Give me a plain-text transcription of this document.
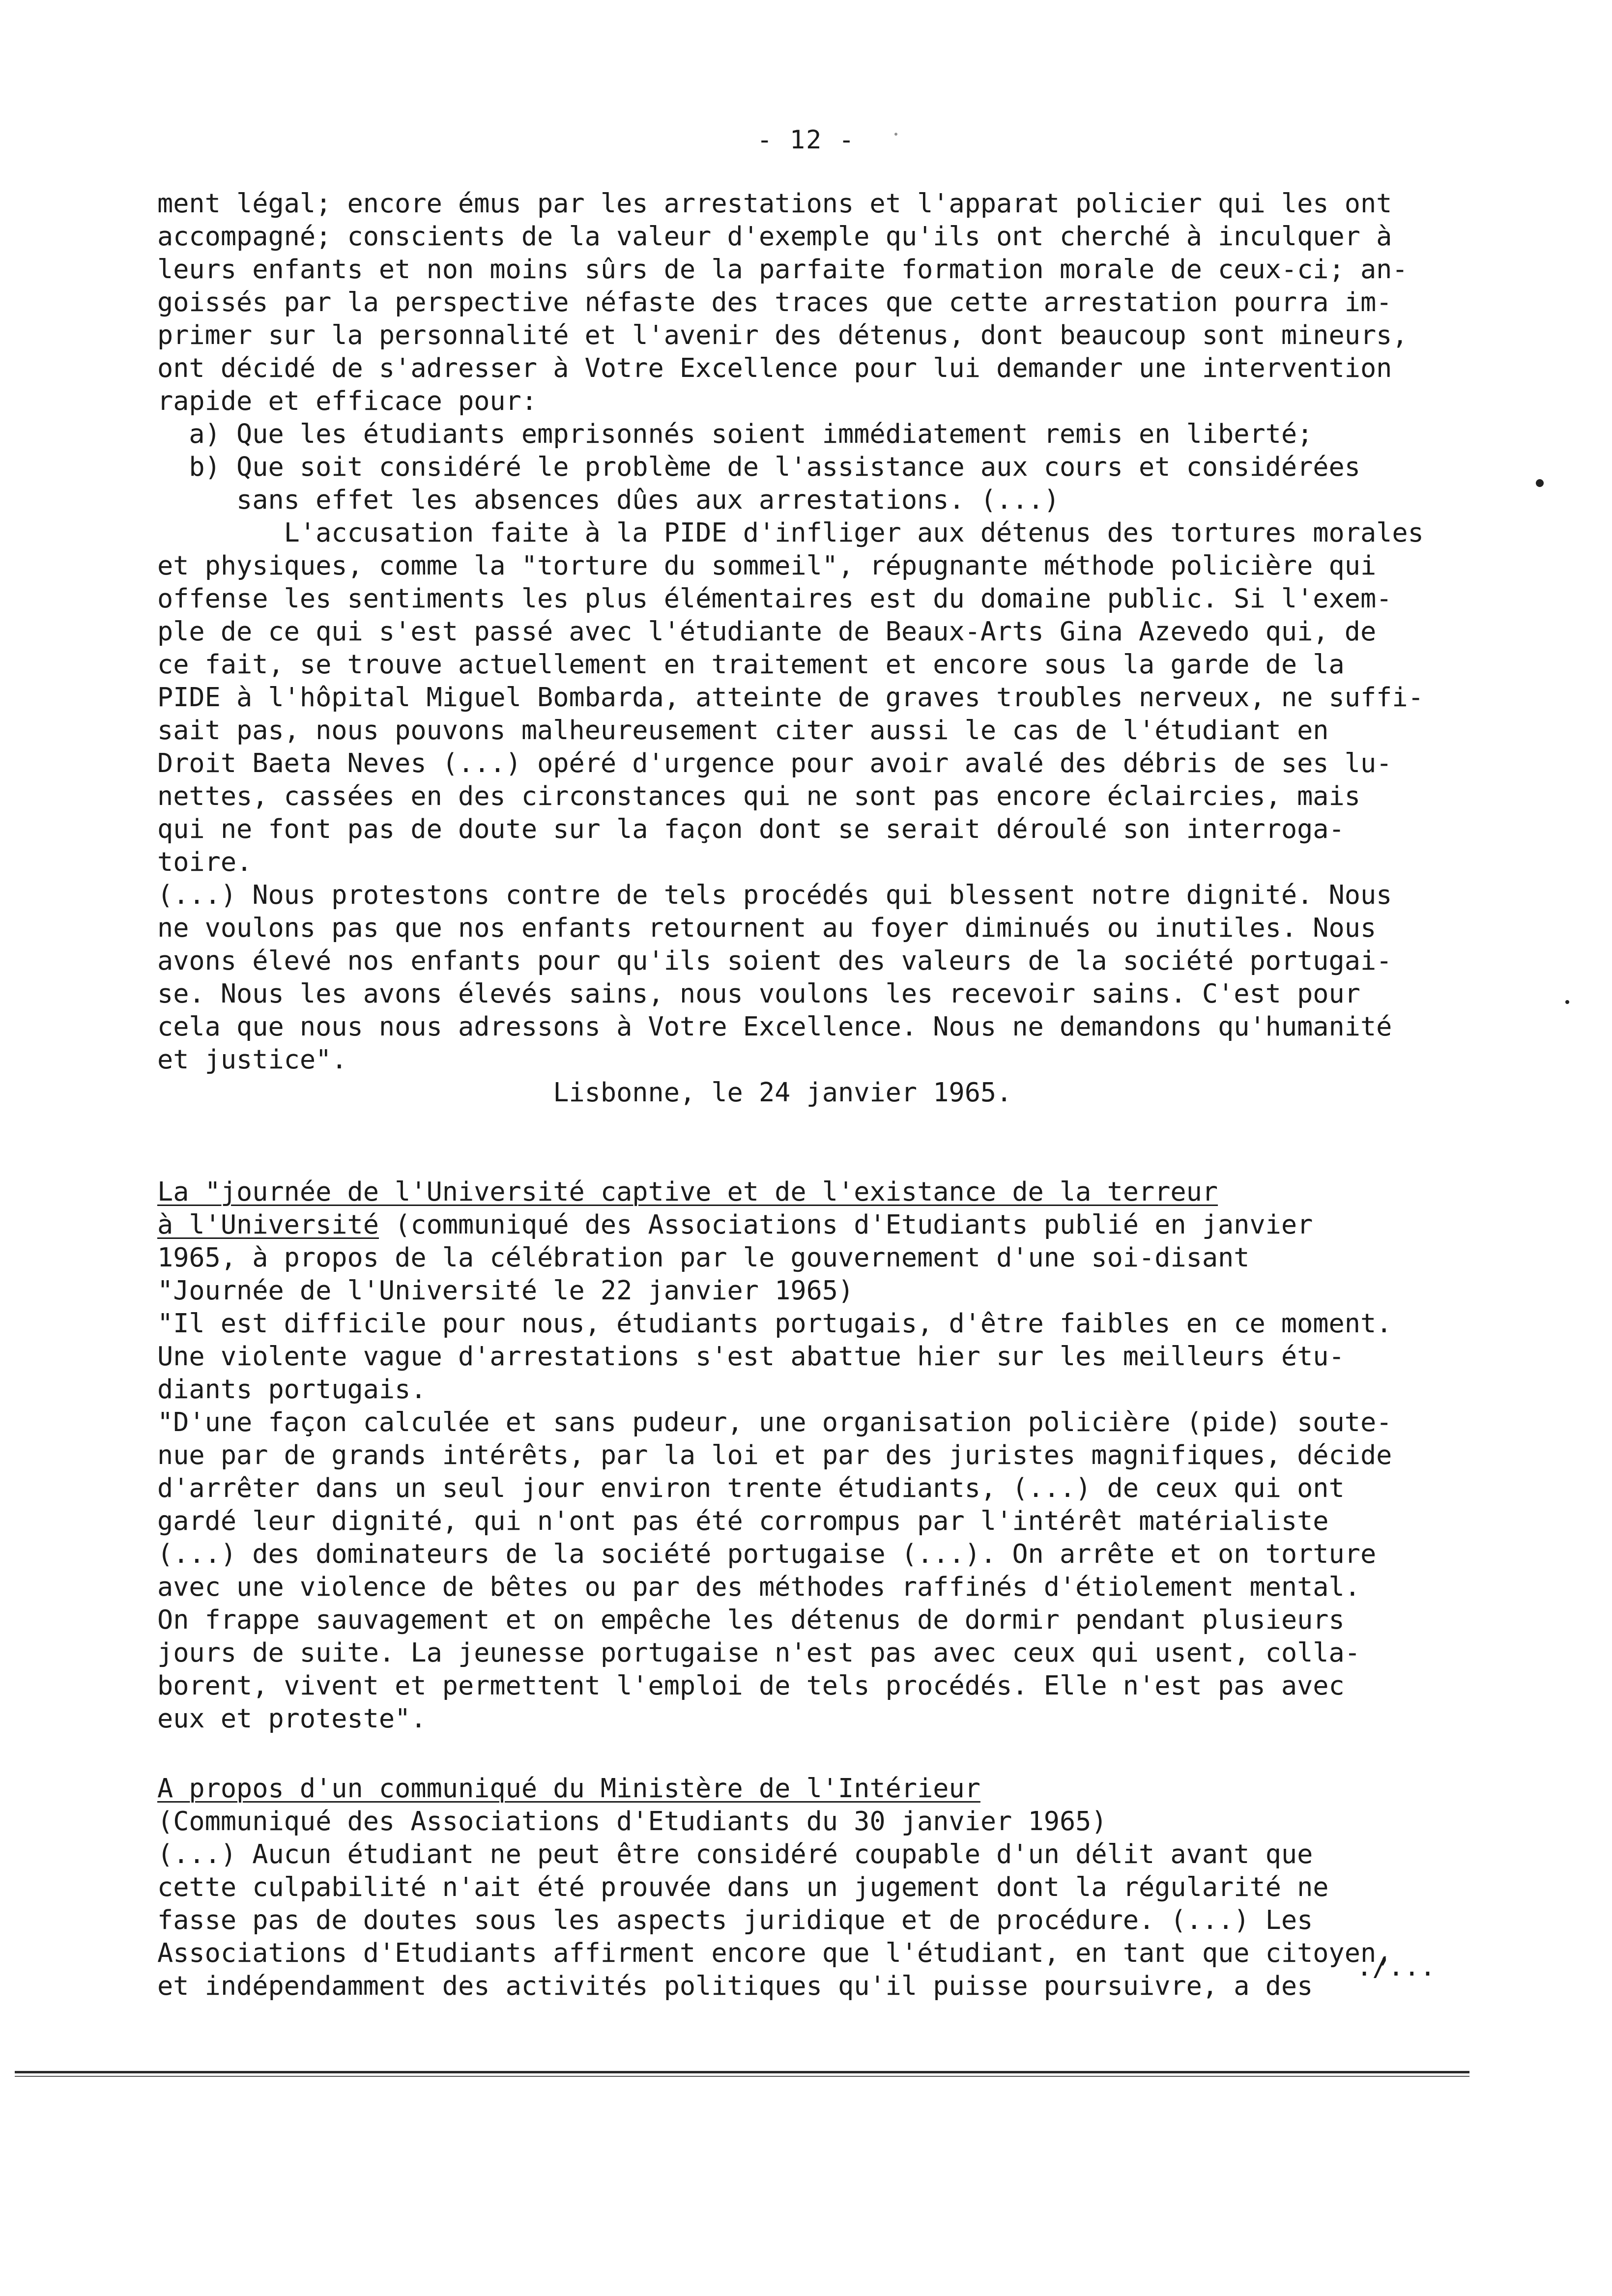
- 12 -
ment légal; encore émus par les arrestations et l'apparat policier qui les ont
accompagné; conscients de la valeur d'exemple qu'ils ont cherché à inculquer à
leurs enfants et non moins sûrs de la parfaite formation morale de ceux-ci; an-
goissés par la perspective néfaste des traces que cette arrestation pourra im-
primer sur la personnalité et l'avenir des détenus, dont beaucoup sont mineurs,
ont décidé de s'adresser à Votre Excellence pour lui demander une intervention
rapide et efficace pour:
a) Que les étudiants emprisonnés soient immédiatement remis en liberté;
b) Que soit considéré le problème de l'assistance aux cours et considérées
sans effet les absences dûes aux arrestations. (...)
L'accusation faite à la PIDE d'infliger aux détenus des tortures morales
et physiques, comme la "torture du sommeil", répugnante méthode policière qui
offense les sentiments les plus élémentaires est du domaine public. Si l'exem-
ple de ce qui s'est passé avec l'étudiante de Beaux-Arts Gina Azevedo qui, de
ce fait, se trouve actuellement en traitement et encore sous la garde de la
PIDE à l'hôpital Miguel Bombarda, atteinte de graves troubles nerveux, ne suffi-
sait pas, nous pouvons malheureusement citer aussi le cas de l'étudiant en
Droit Baeta Neves (...) opéré d'urgence pour avoir avalé des débris de ses lu-
nettes, cassées en des circonstances qui ne sont pas encore éclaircies, mais
qui ne font pas de doute sur la façon dont se serait déroulé son interroga-
toire.
(...) Nous protestons contre de tels procédés qui blessent notre dignité. Nous
ne voulons pas que nos enfants retournent au foyer diminués ou inutiles. Nous
avons élevé nos enfants pour qu'ils soient des valeurs de la société portugai-
se. Nous les avons élevés sains, nous voulons les recevoir sains. C'est pour
cela que nous nous adressons à Votre Excellence. Nous ne demandons qu'humanité
et justice".
Lisbonne, le 24 janvier 1965.
La "journée de l'Université captive et de l'existance de la terreur
à l'Université (communiqué des Associations d'Etudiants publié en janvier
1965, à propos de la célébration par le gouvernement d'une soi-disant
"Journée de l'Université le 22 janvier 1965)
"Il est difficile pour nous, étudiants portugais, d'être faibles en ce moment.
Une violente vague d'arrestations s'est abattue hier sur les meilleurs étu-
diants portugais.
"D'une façon calculée et sans pudeur, une organisation policière (pide) soute-
nue par de grands intérêts, par la loi et par des juristes magnifiques, décide
d'arrêter dans un seul jour environ trente étudiants, (...) de ceux qui ont
gardé leur dignité, qui n'ont pas été corrompus par l'intérêt matérialiste
(...) des dominateurs de la société portugaise (...). On arrête et on torture
avec une violence de bêtes ou par des méthodes raffinés d'étiolement mental.
On frappe sauvagement et on empêche les détenus de dormir pendant plusieurs
jours de suite. La jeunesse portugaise n'est pas avec ceux qui usent, colla-
borent, vivent et permettent l'emploi de tels procédés. Elle n'est pas avec
eux et proteste".
A propos d'un communiqué du Ministère de l'Intérieur
(Communiqué des Associations d'Etudiants du 30 janvier 1965)
(...) Aucun étudiant ne peut être considéré coupable d'un délit avant que
cette culpabilité n'ait été prouvée dans un jugement dont la régularité ne
fasse pas de doutes sous les aspects juridique et de procédure. (...) Les
Associations d'Etudiants affirment encore que l'étudiant, en tant que citoyen,
et indépendamment des activités politiques qu'il puisse poursuivre, a des
./...
